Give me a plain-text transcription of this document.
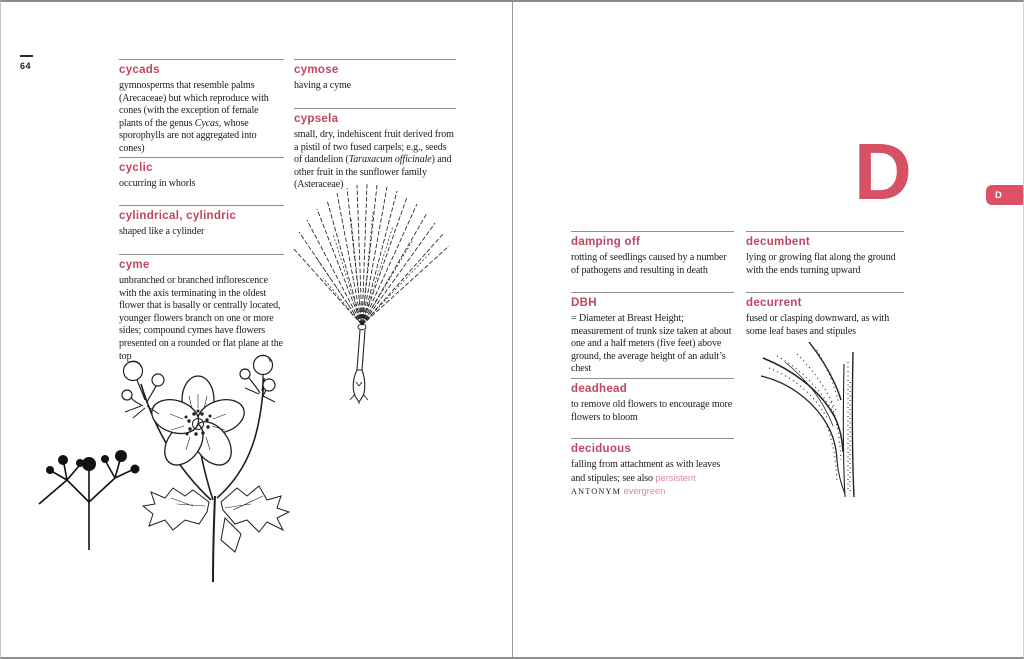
64	cycads
gymnosperms that resemble palms (Arecaceae) but which reproduce with cones (with the exception of female plants of the genus Cycas, whose sporophylls are not aggregated into cones)
cyclic
occurring in whorls
cylindrical, cylindric
shaped like a cylinder
cyme
unbranched or branched inflorescence with the axis terminating in the oldest flower that is basally or centrally located, younger flowers branch on one or more sides; compound cymes have flowers presented on a rounded or flat plane at the top
cymose
having a cyme
cypsela
small, dry, indehiscent fruit derived from a pistil of two fused carpels; e.g., seeds of dandelion (Taraxacum officinale) and other fruit in the sunflower family (Asteraceae)	D	D
damping off
rotting of seedlings caused by a number of pathogens and resulting in death
DBH
= Diameter at Breast Height; measurement of trunk size taken at about one and a half meters (five feet) above ground, the average height of an adult’s chest
deadhead
to remove old flowers to encourage more flowers to bloom
deciduous
falling from attachment as with leaves and stipules; see also persistent
ANTONYM evergreen
decumbent
lying or growing flat along the ground with the ends turning upward
decurrent
fused or clasping downward, as with some leaf bases and stipules
